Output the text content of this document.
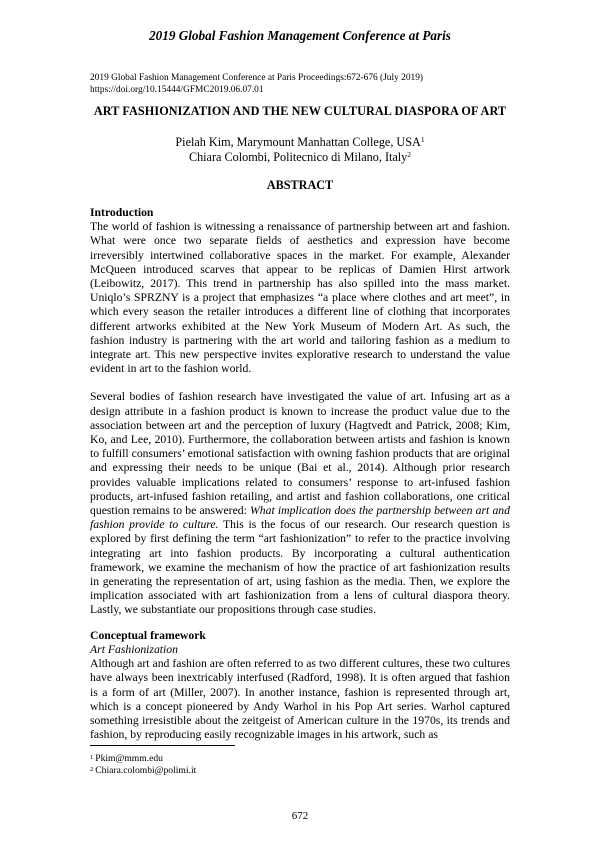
2019 Global Fashion Management Conference at Paris
2019 Global Fashion Management Conference at Paris Proceedings:672-676 (July 2019)
https://doi.org/10.15444/GFMC2019.06.07.01
ART FASHIONIZATION AND THE NEW CULTURAL DIASPORA OF ART
Pielah Kim, Marymount Manhattan College, USA$^1$
Chiara Colombi, Politecnico di Milano, Italy$^2$
ABSTRACT
Introduction

The world of fashion is witnessing a renaissance of partnership between art and fashion. What were once two separate fields of aesthetics and expression have become irreversibly intertwined collaborative spaces in the market. For example, Alexander McQueen introduced scarves that appear to be replicas of Damien Hirst artwork (Leibowitz, 2017). This trend in partnership has also spilled into the mass market. Uniqlo’s SPRZNY is a project that emphasizes “a place where clothes and art meet”, in which every season the retailer introduces a different line of clothing that incorporates different artworks exhibited at the New York Museum of Modern Art. As such, the fashion industry is partnering with the art world and tailoring fashion as a medium to integrate art. This new perspective invites explorative research to understand the value evident in art to the fashion world.

Several bodies of fashion research have investigated the value of art. Infusing art as a design attribute in a fashion product is known to increase the product value due to the association between art and the perception of luxury (Hagtvedt and Patrick, 2008; Kim, Ko, and Lee, 2010). Furthermore, the collaboration between artists and fashion is known to fulfill consumers’ emotional satisfaction with owning fashion products that are original and expressing their needs to be unique (Bai et al., 2014). Although prior research provides valuable implications related to consumers’ response to art-infused fashion products, art-infused fashion retailing, and artist and fashion collaborations, one critical question remains to be answered: What implication does the partnership between art and fashion provide to culture. This is the focus of our research. Our research question is explored by first defining the term “art fashionization” to refer to the practice involving integrating art into fashion products. By incorporating a cultural authentication framework, we examine the mechanism of how the practice of art fashionization results in generating the representation of art, using fashion as the media. Then, we explore the implication associated with art fashionization from a lens of cultural diaspora theory. Lastly, we substantiate our propositions through case studies.

Conceptual framework
Art Fashionization

Although art and fashion are often referred to as two different cultures, these two cultures have always been inextricably interfused (Radford, 1998). It is often argued that fashion is a form of art (Miller, 2007). In another instance, fashion is represented through art, which is a concept pioneered by Andy Warhol in his Pop Art series. Warhol captured something irresistible about the zeitgeist of American culture in the 1970s, its trends and fashion, by reproducing easily recognizable images in his artwork, such as

$^1$ Pkim@mmm.edu
$^2$ Chiara.colombi@polimi.it
672
